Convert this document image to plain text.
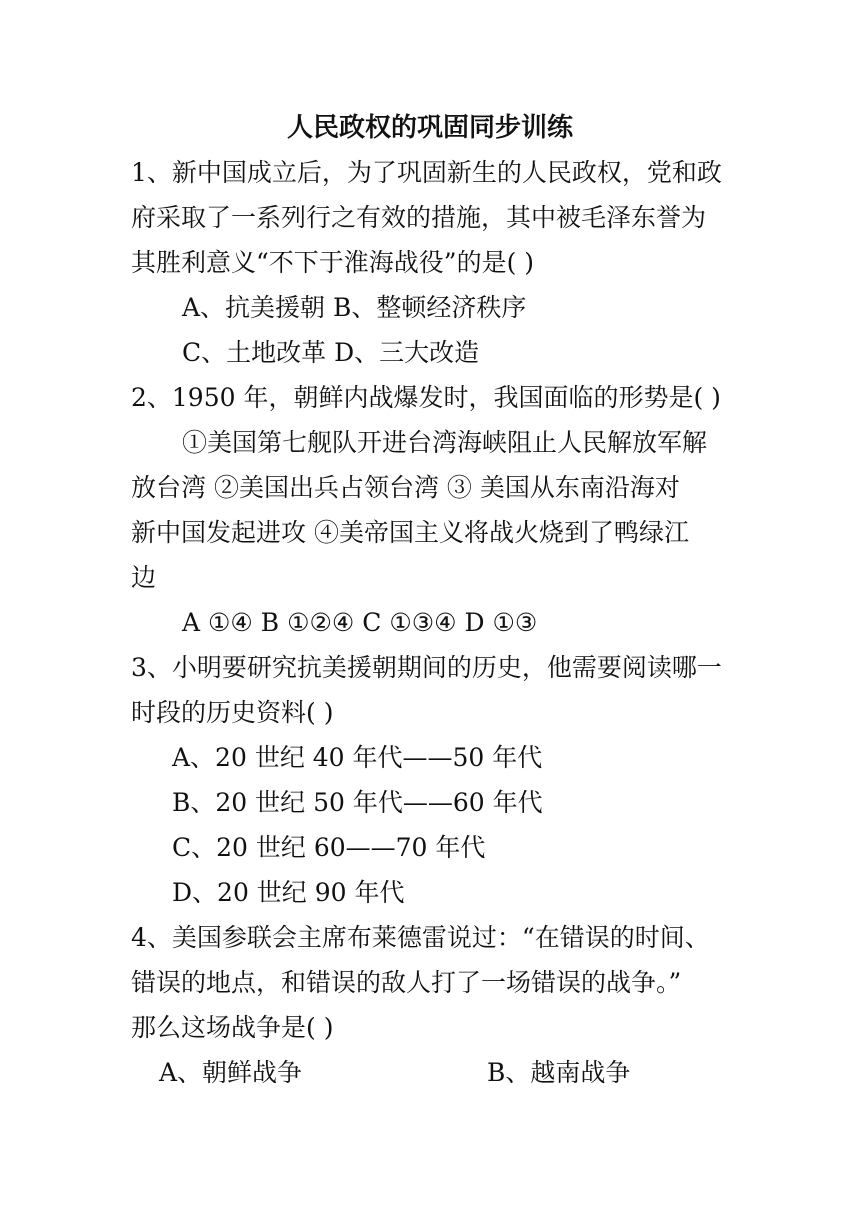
人民政权的巩固同步训练
1、新中国成立后，为了巩固新生的人民政权，党和政
府采取了一系列行之有效的措施，其中被毛泽东誉为
其胜利意义“不下于淮海战役”的是( )
A、抗美援朝 B、整顿经济秩序
C、土地改革 D、三大改造
2、1950 年，朝鲜内战爆发时，我国面临的形势是( )
①美国第七舰队开进台湾海峡阻止人民解放军解
放台湾 ②美国出兵占领台湾 ③ 美国从东南沿海对
新中国发起进攻 ④美帝国主义将战火烧到了鸭绿江
边
A ①④ B ①②④ C ①③④ D ①③
3、小明要研究抗美援朝期间的历史，他需要阅读哪一
时段的历史资料( )
A、20 世纪 40 年代——50 年代
B、20 世纪 50 年代——60 年代
C、20 世纪 60——70 年代
D、20 世纪 90 年代
4、美国参联会主席布莱德雷说过：“在错误的时间、
错误的地点，和错误的敌人打了一场错误的战争。”
那么这场战争是( )
A、朝鲜战争	B、越南战争
